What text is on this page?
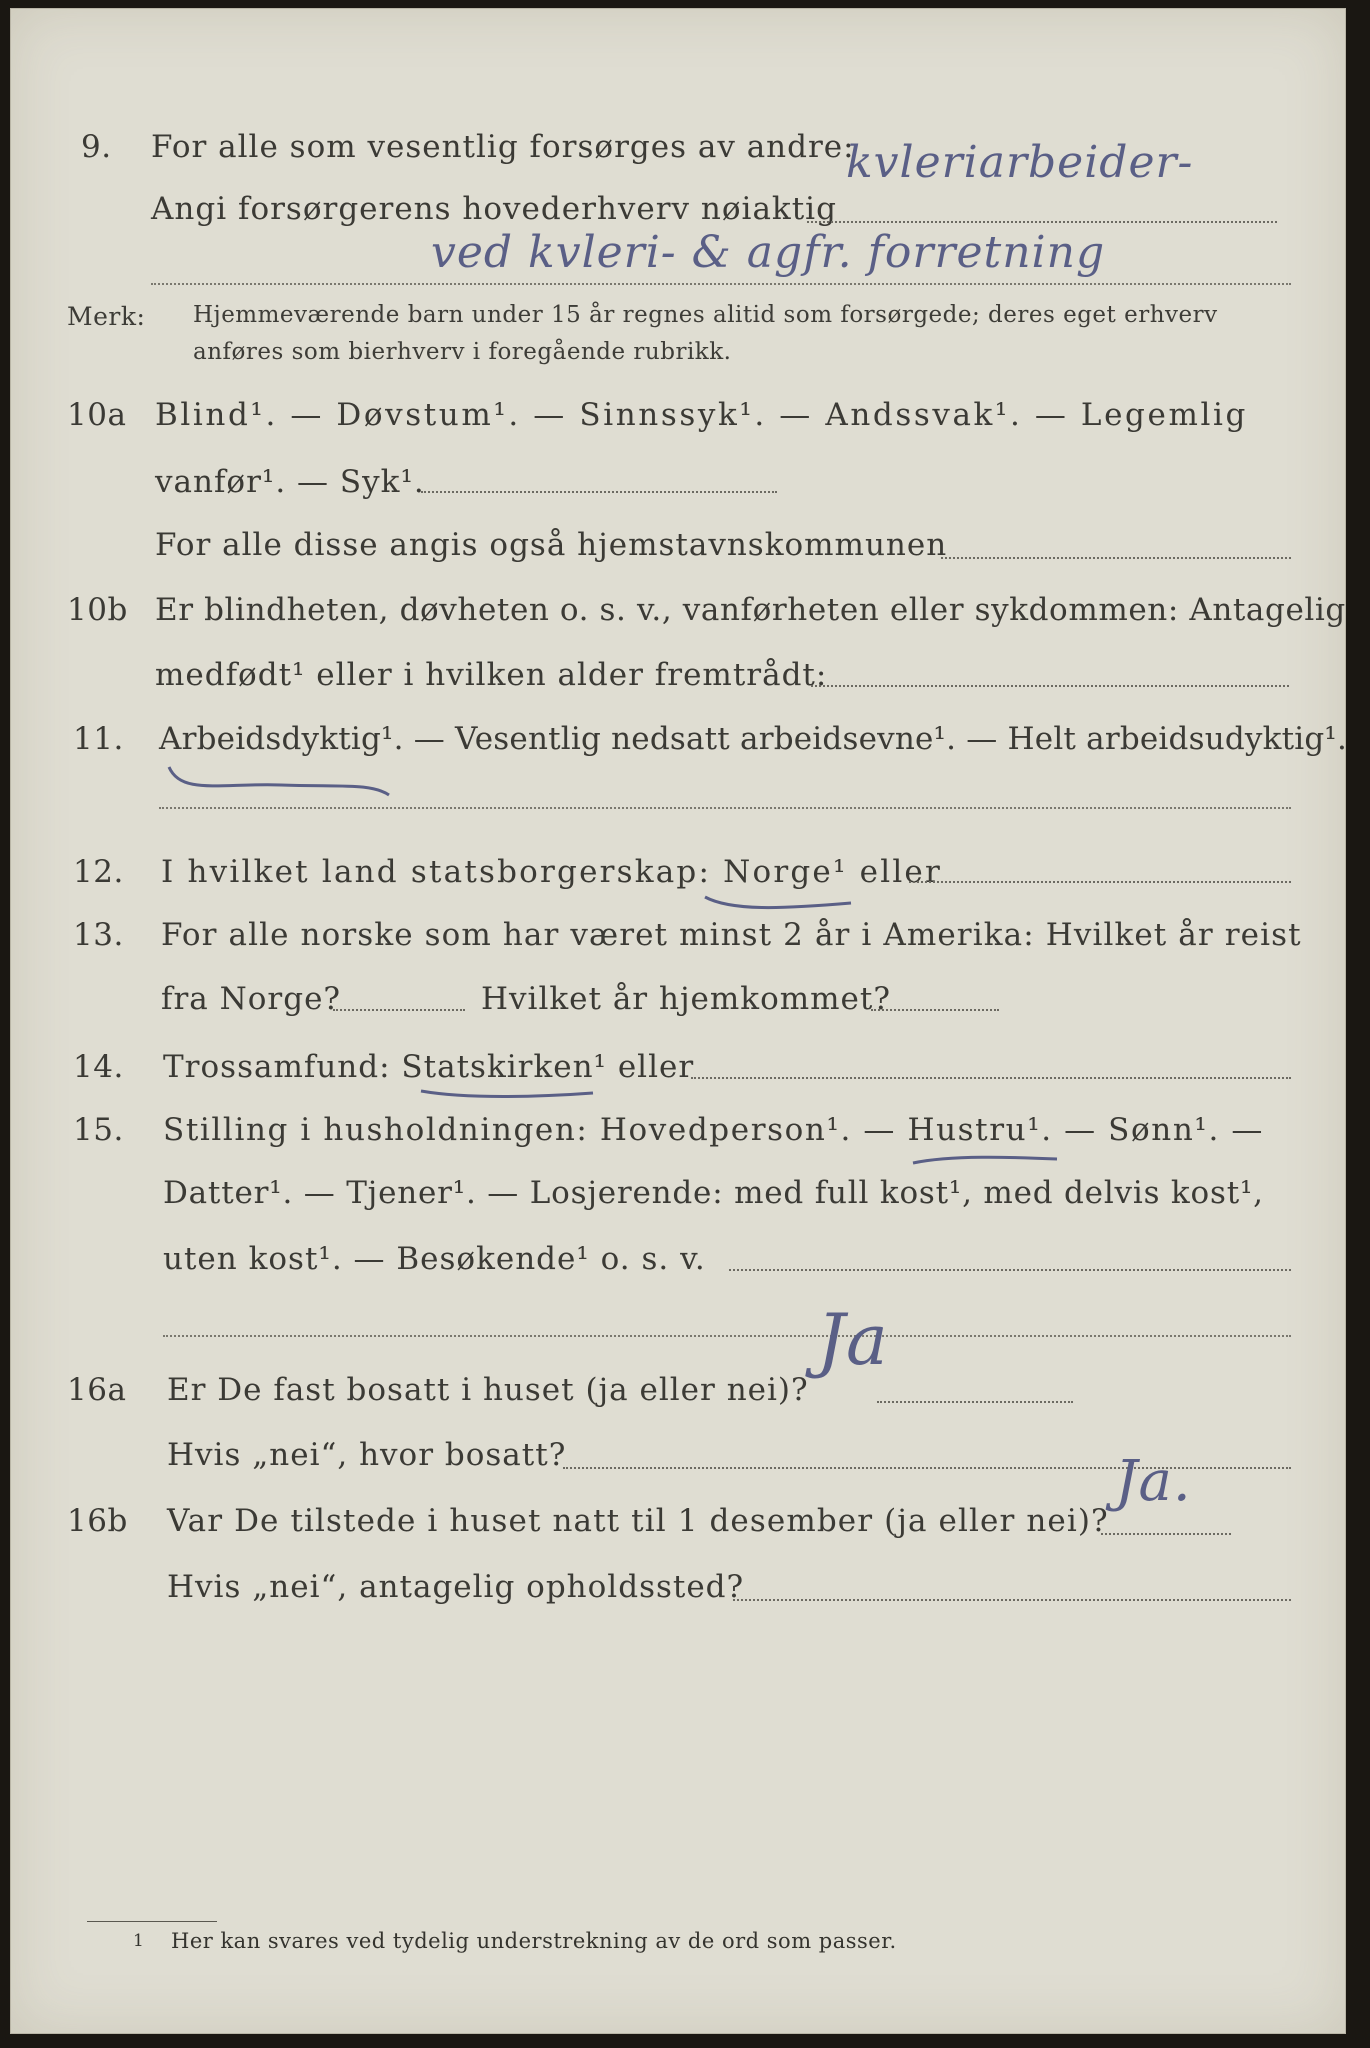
9. For alle som vesentlig forsørges av andre:
kvleriarbeider-
Angi forsørgerens hovederhverv nøiaktig
ved kvleri- & agfr. forretning
Merk: Hjemmeværende barn under 15 år regnes alitid som forsørgede; deres eget erhverv
anføres som bierhverv i foregående rubrikk.
10a Blind¹. — Døvstum¹. — Sinnssyk¹. — Andssvak¹. — Legemlig
vanfør¹. — Syk¹.
For alle disse angis også hjemstavnskommunen
10b Er blindheten, døvheten o. s. v., vanførheten eller sykdommen: Antagelig
medfødt¹ eller i hvilken alder fremtrådt:
11. Arbeidsdyktig¹. — Vesentlig nedsatt arbeidsevne¹. — Helt arbeidsudyktig¹.
12. I hvilket land statsborgerskap: Norge¹ eller
13. For alle norske som har været minst 2 år i Amerika: Hvilket år reist
fra Norge?	Hvilket år hjemkommet?
14. Trossamfund: Statskirken¹ eller
15. Stilling i husholdningen: Hovedperson¹. — Hustru¹. — Sønn¹. —
Datter¹. — Tjener¹. — Losjerende: med full kost¹, med delvis kost¹,
uten kost¹. — Besøkende¹ o. s. v.
Ja
16a Er De fast bosatt i huset (ja eller nei)?
Hvis „nei“, hvor bosatt?	Ja.
16b Var De tilstede i huset natt til 1 desember (ja eller nei)?
Hvis „nei“, antagelig opholdssted?
1 Her kan svares ved tydelig understrekning av de ord som passer.
